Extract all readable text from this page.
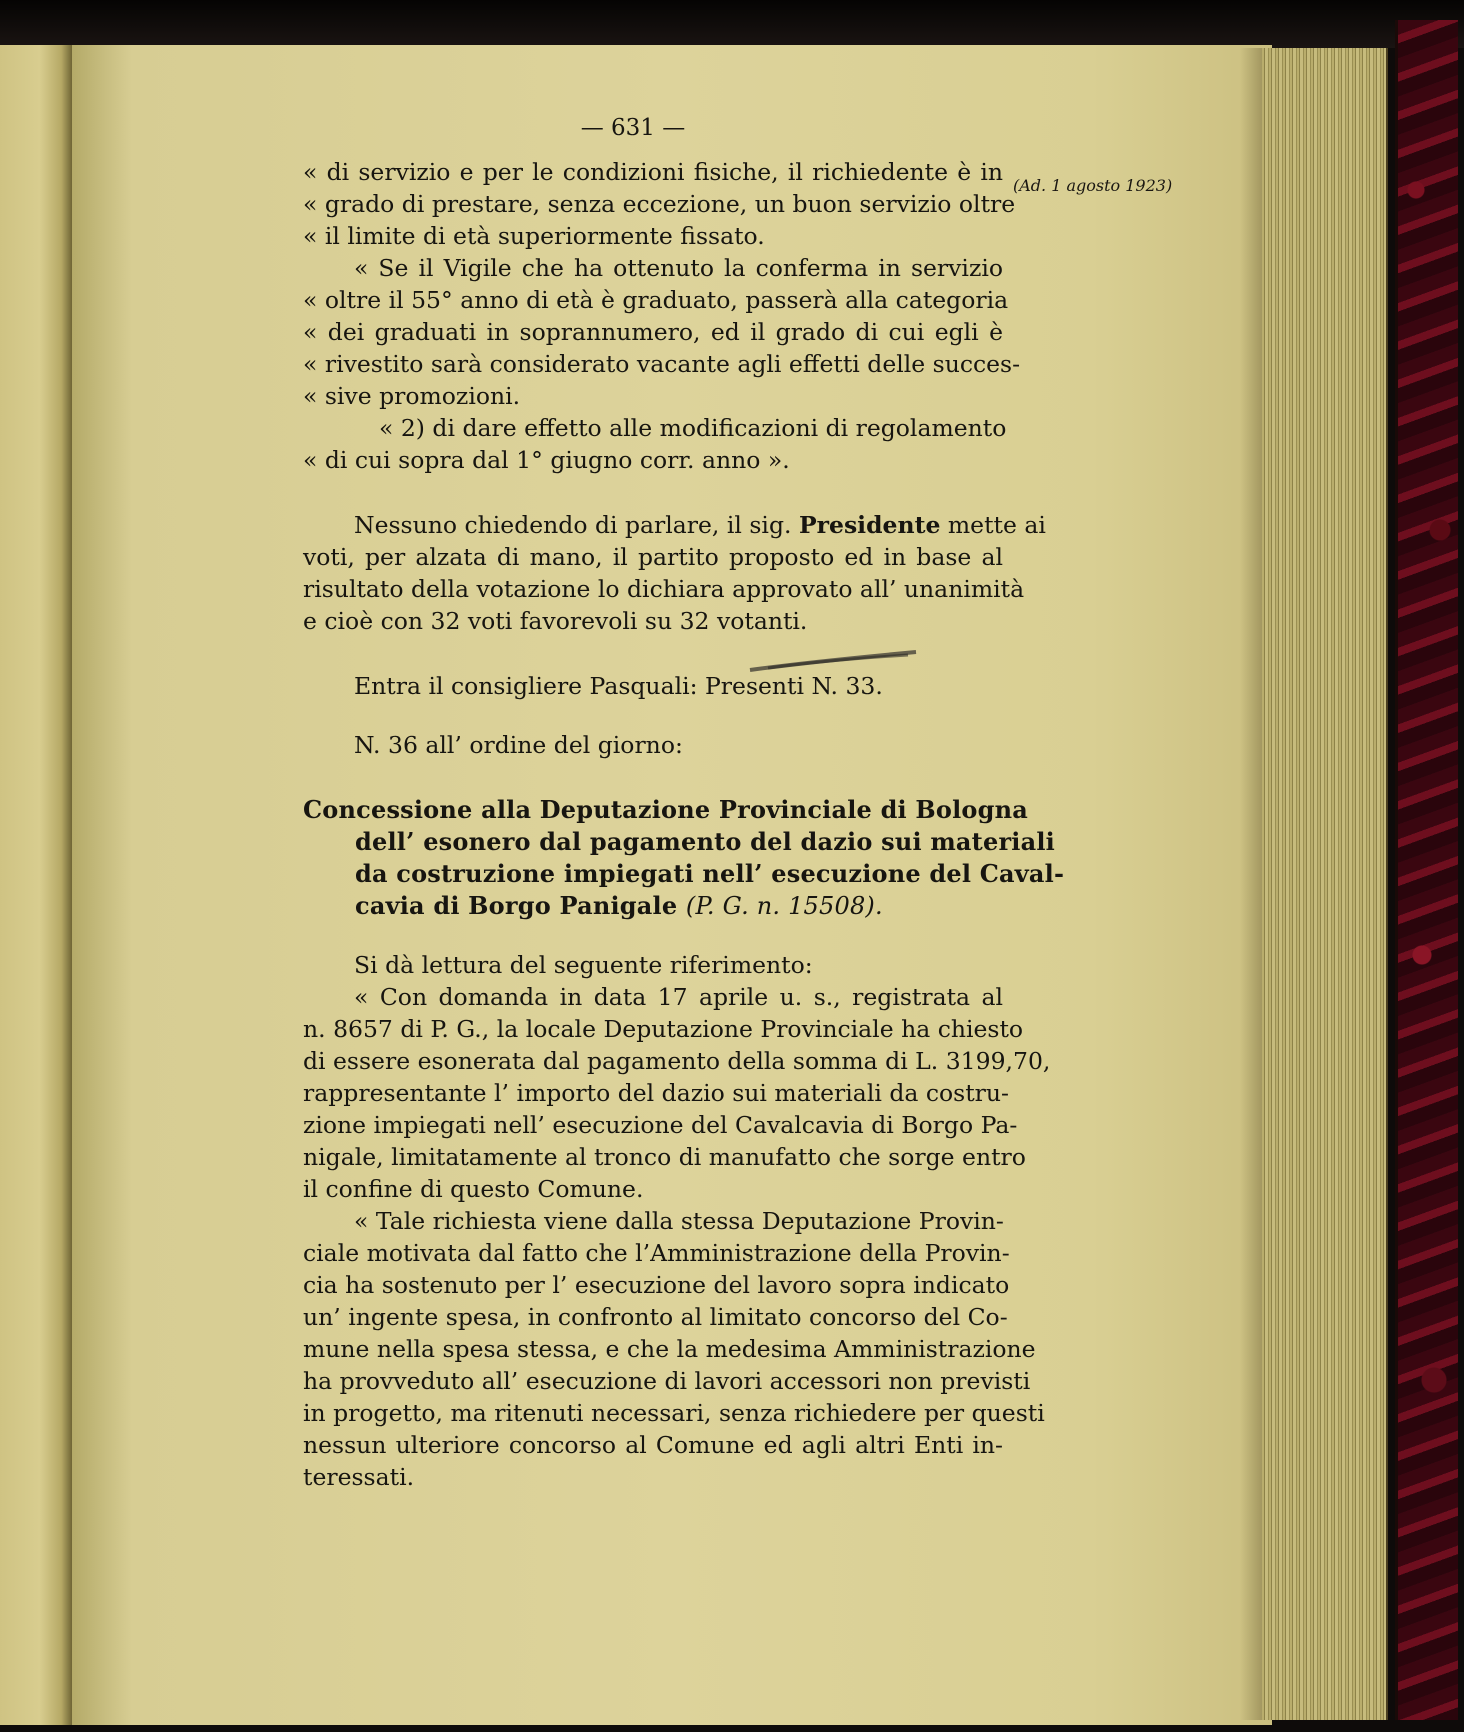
(Ad. 1 agosto 1923)
— 631 —
« di servizio e per le condizioni fisiche, il richiedente è in
« grado di prestare, senza eccezione, un buon servizio oltre
« il limite di età superiormente fissato.
« Se il Vigile che ha ottenuto la conferma in servizio
« oltre il 55° anno di età è graduato, passerà alla categoria
« dei graduati in soprannumero, ed il grado di cui egli è
« rivestito sarà considerato vacante agli effetti delle succes-
« sive promozioni.
« 2) di dare effetto alle modificazioni di regolamento
« di cui sopra dal 1° giugno corr. anno ».
Nessuno chiedendo di parlare, il sig. Presidente mette ai
voti, per alzata di mano, il partito proposto ed in base al
risultato della votazione lo dichiara approvato all’ unanimità
e cioè con 32 voti favorevoli su 32 votanti.
Entra il consigliere Pasquali: Presenti N. 33.
N. 36 all’ ordine del giorno:
Concessione alla Deputazione Provinciale di Bologna
dell’ esonero dal pagamento del dazio sui materiali
da costruzione impiegati nell’ esecuzione del Caval-
cavia di Borgo Panigale (P. G. n. 15508).
Si dà lettura del seguente riferimento:
« Con domanda in data 17 aprile u. s., registrata al
n. 8657 di P. G., la locale Deputazione Provinciale ha chiesto
di essere esonerata dal pagamento della somma di L. 3199,70,
rappresentante l’ importo del dazio sui materiali da costru-
zione impiegati nell’ esecuzione del Cavalcavia di Borgo Pa-
nigale, limitatamente al tronco di manufatto che sorge entro
il confine di questo Comune.
« Tale richiesta viene dalla stessa Deputazione Provin-
ciale motivata dal fatto che l’Amministrazione della Provin-
cia ha sostenuto per l’ esecuzione del lavoro sopra indicato
un’ ingente spesa, in confronto al limitato concorso del Co-
mune nella spesa stessa, e che la medesima Amministrazione
ha provveduto all’ esecuzione di lavori accessori non previsti
in progetto, ma ritenuti necessari, senza richiedere per questi
nessun ulteriore concorso al Comune ed agli altri Enti in-
teressati.
